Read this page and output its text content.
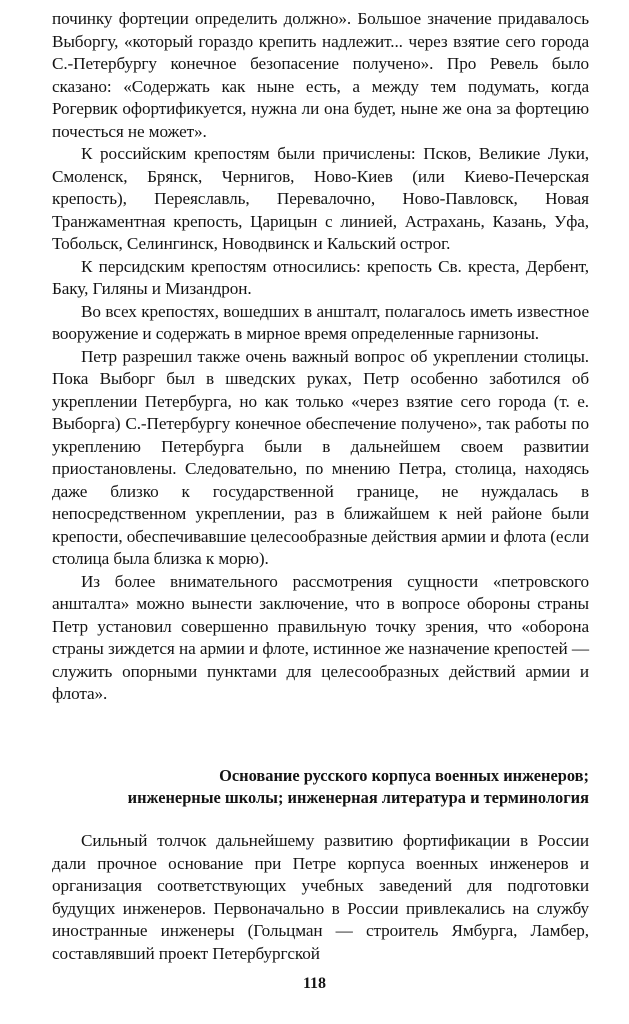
починку фортеции определить должно». Большое значение придавалось Выборгу, «который гораздо крепить надлежит... через взятие сего города С.-Петербургу конечное безопасение получено». Про Ревель было сказано: «Содержать как ныне есть, а между тем подумать, когда Рогервик офортификуется, нужна ли она будет, ныне же она за фортецию почесться не может».

К российским крепостям были причислены: Псков, Великие Луки, Смоленск, Брянск, Чернигов, Ново-Киев (или Киево-Печерская крепость), Переяславль, Перевалочно, Ново-Павловск, Новая Транжаментная крепость, Царицын с линией, Астрахань, Казань, Уфа, Тобольск, Селингинск, Новодвинск и Кальский острог.

К персидским крепостям относились: крепость Св. креста, Дербент, Баку, Гиляны и Мизандрон.

Во всех крепостях, вошедших в аншталт, полагалось иметь известное вооружение и содержать в мирное время определенные гарнизоны.

Петр разрешил также очень важный вопрос об укреплении столицы. Пока Выборг был в шведских руках, Петр особенно заботился об укреплении Петербурга, но как только «через взятие сего города (т. е. Выборга) С.-Петербургу конечное обеспечение получено», так работы по укреплению Петербурга были в дальнейшем своем развитии приостановлены. Следовательно, по мнению Петра, столица, находясь даже близко к государственной границе, не нуждалась в непосредственном укреплении, раз в ближайшем к ней районе были крепости, обеспечивавшие целесообразные действия армии и флота (если столица была близка к морю).

Из более внимательного рассмотрения сущности «петровского аншталта» можно вынести заключение, что в вопросе обороны страны Петр установил совершенно правильную точку зрения, что «оборона страны зиждется на армии и флоте, истинное же назначение крепостей — служить опорными пунктами для целесообразных действий армии и флота».

Основание русского корпуса военных инженеров;
инженерные школы; инженерная литература и терминология

Сильный толчок дальнейшему развитию фортификации в России дали прочное основание при Петре корпуса военных инженеров и организация соответствующих учебных заведений для подготовки будущих инженеров. Первоначально в России привлекались на службу иностранные инженеры (Гольцман — строитель Ямбурга, Ламбер, составлявший проект Петербургской

118
